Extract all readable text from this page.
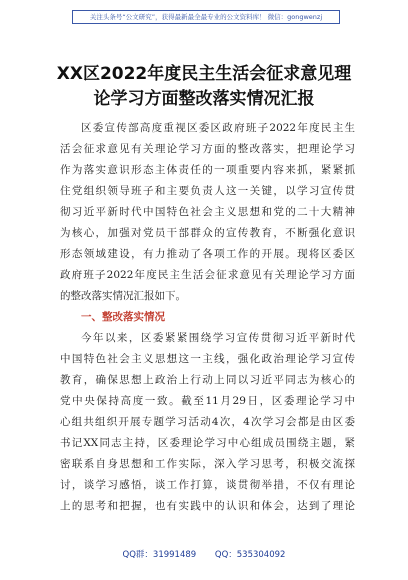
关注头条号“公文研究”，获得最新最全最专业的公文资料库！ 微信：gongwenzj
XX区2022年度民主生活会征求意见理
论学习方面整改落实情况汇报
区委宣传部高度重视区委区政府班子2022年度民主生
活会征求意见有关理论学习方面的整改落实，把理论学习
作为落实意识形态主体责任的一项重要内容来抓，紧紧抓
住党组织领导班子和主要负责人这一关键，以学习宣传贯
彻习近平新时代中国特色社会主义思想和党的二十大精神
为核心，加强对党员干部群众的宣传教育，不断强化意识
形态领域建设，有力推动了各项工作的开展。现将区委区
政府班子2022年度民主生活会征求意见有关理论学习方面
的整改落实情况汇报如下。
一、整改落实情况
今年以来，区委紧紧围绕学习宣传贯彻习近平新时代
中国特色社会主义思想这一主线，强化政治理论学习宣传
教育，确保思想上政治上行动上同以习近平同志为核心的
党中央保持高度一致。截至11月29日，区委理论学习中
心组共组织开展专题学习活动4次，4次学习会都是由区委
书记XX同志主持，区委理论学习中心组成员围绕主题，紧
密联系自身思想和工作实际，深入学习思考，积极交流探
讨，谈学习感悟，谈工作打算，谈贯彻举措，不仅有理论
上的思考和把握，也有实践中的认识和体会，达到了理论
QQ群：31991489 QQ：535304092
